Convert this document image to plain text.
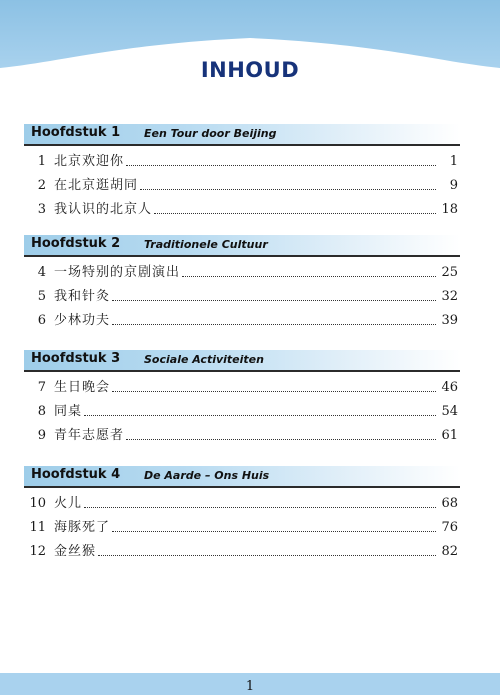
INHOUD
Hoofdstuk 1 Een Tour door Beijing
1 北京欢迎你	1
2 在北京逛胡同	9
3 我认识的北京人	18
Hoofdstuk 2 Traditionele Cultuur
4 一场特别的京剧演出	25
5 我和针灸	32
6 少林功夫	39
Hoofdstuk 3 Sociale Activiteiten
7 生日晚会	46
8 同桌	54
9 青年志愿者	61
Hoofdstuk 4 De Aarde – Ons Huis
10 火儿	68
11 海豚死了	76
12 金丝猴	82
1
